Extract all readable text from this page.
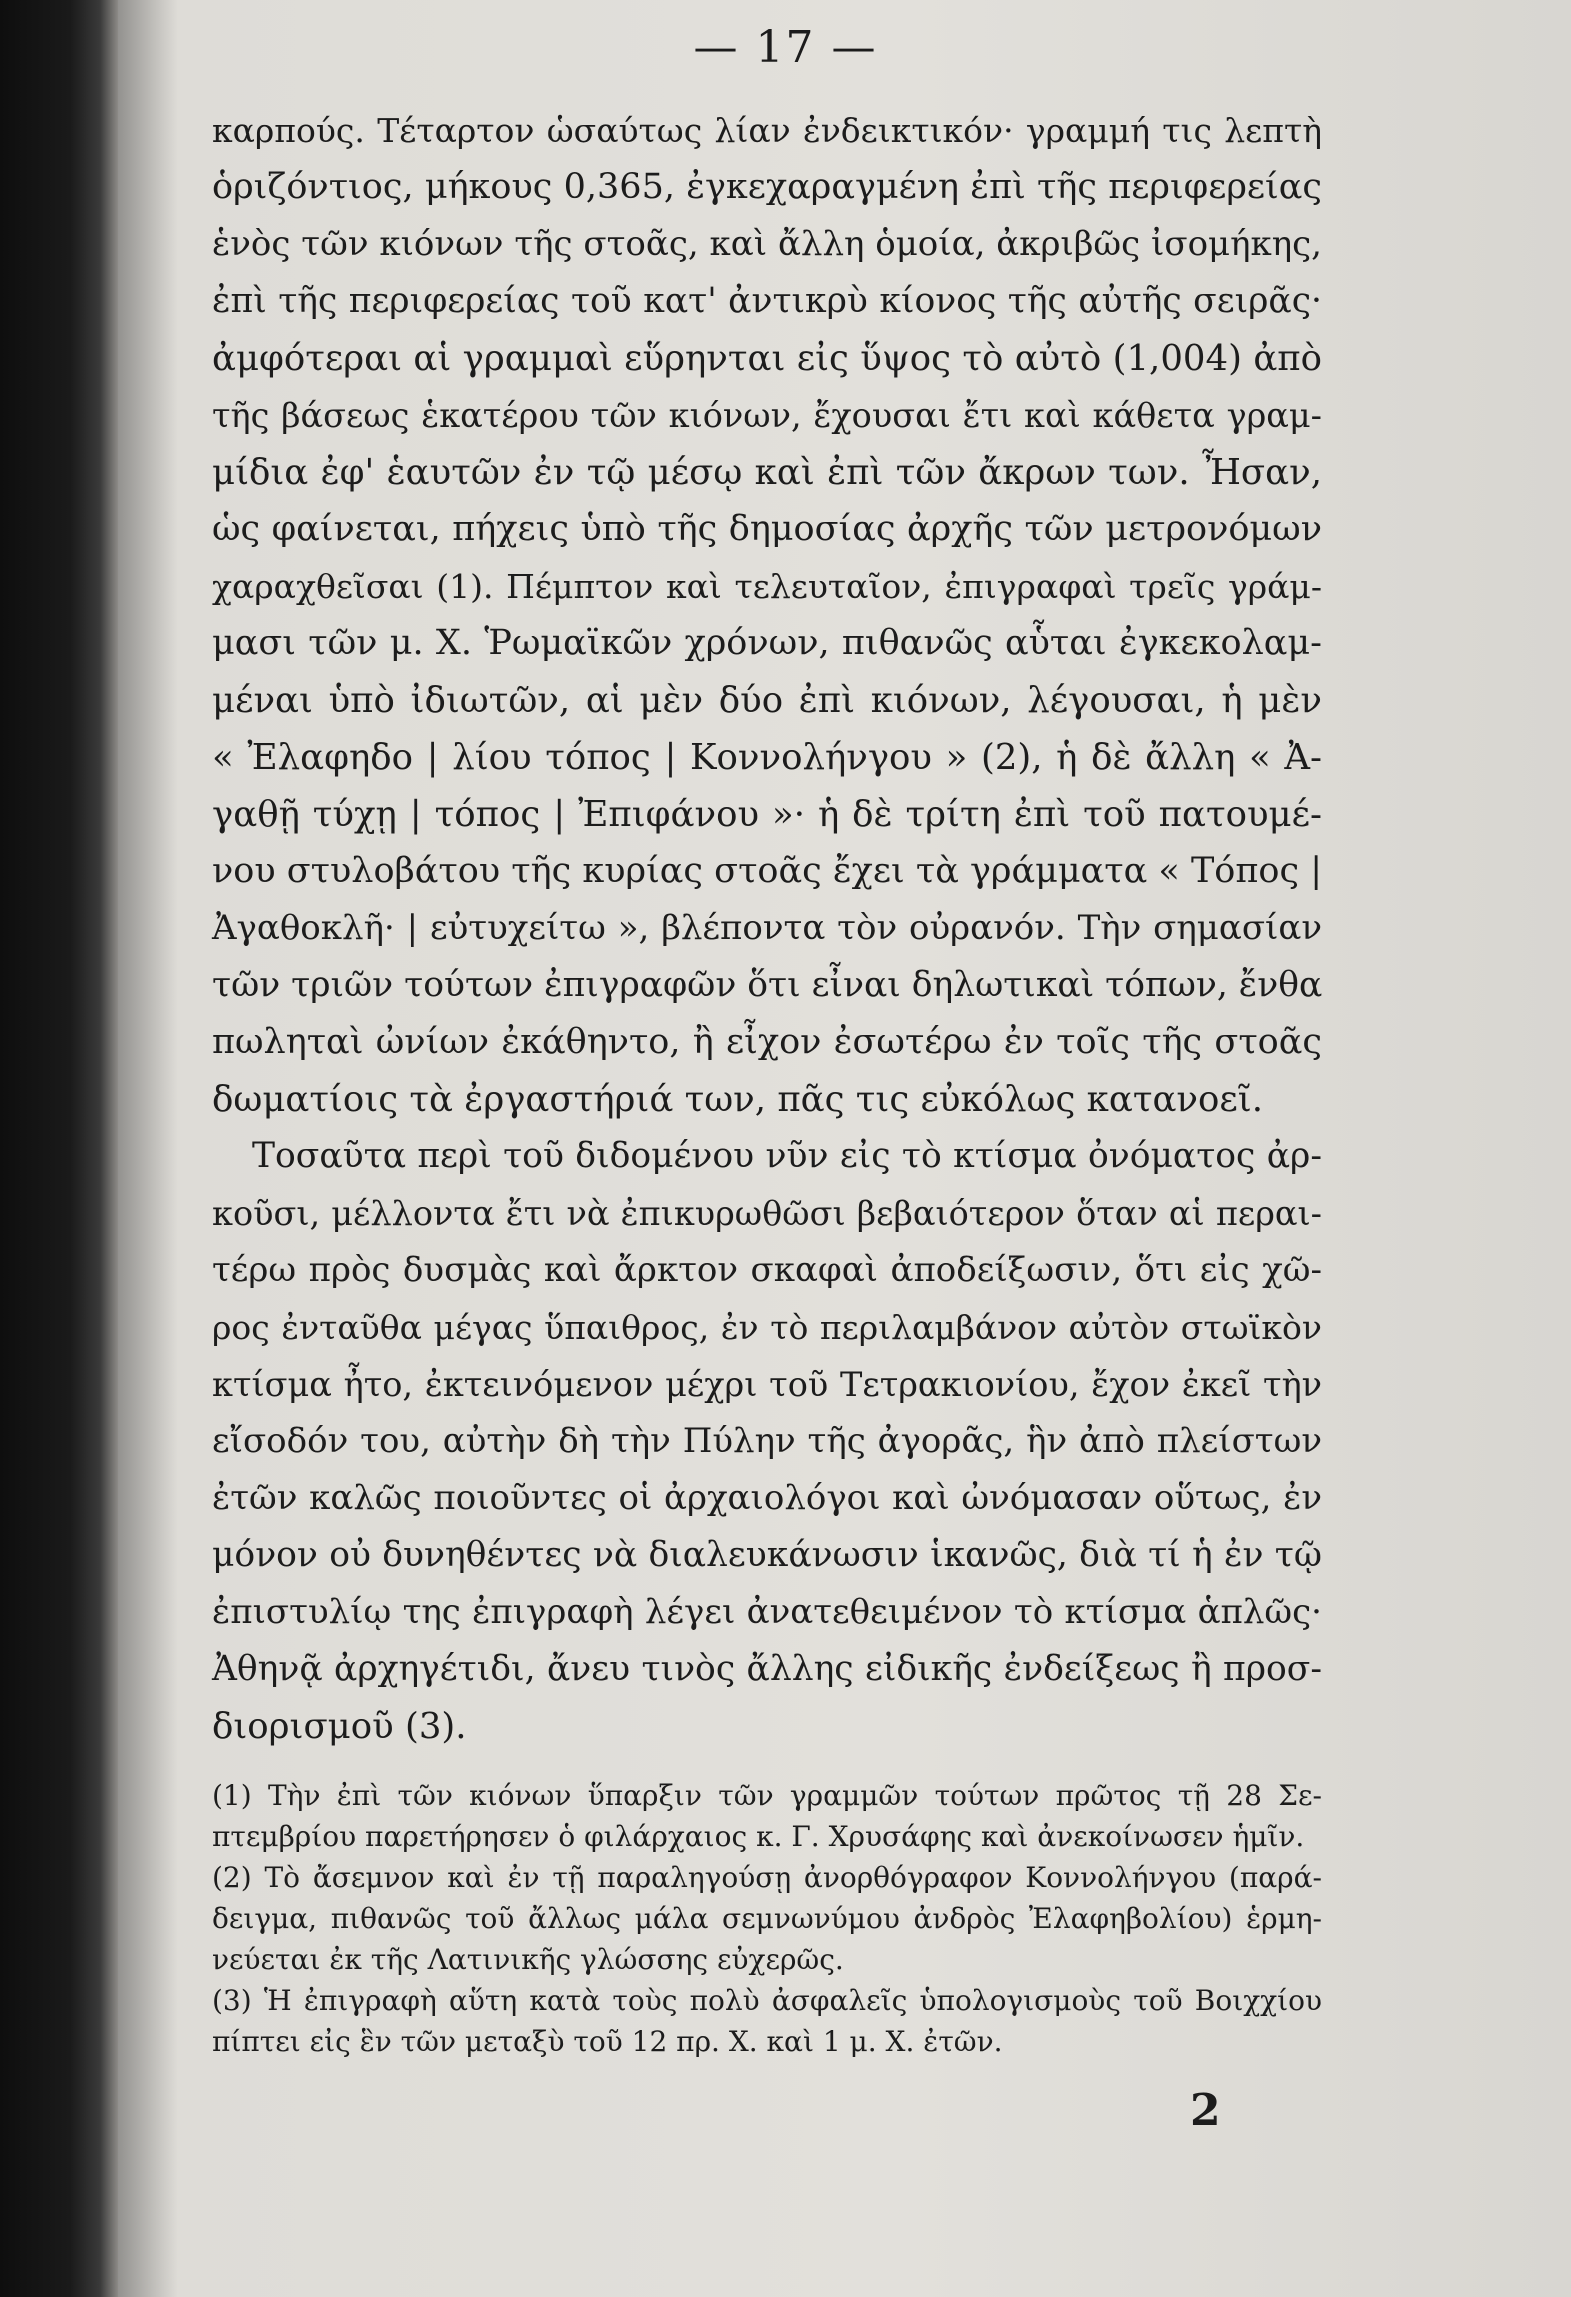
— 17 —
καρπούς. Τέταρτον ὡσαύτως λίαν ἐνδεικτικόν· γραμμή τις λεπτὴ
ὁριζόντιος, μήκους 0,365, ἐγκεχαραγμένη ἐπὶ τῆς περιφερείας
ἑνὸς τῶν κιόνων τῆς στοᾶς, καὶ ἄλλη ὁμοία, ἀκριβῶς ἰσομήκης,
ἐπὶ τῆς περιφερείας τοῦ κατ' ἀντικρὺ κίονος τῆς αὐτῆς σειρᾶς·
ἀμφότεραι αἱ γραμμαὶ εὕρηνται εἰς ὕψος τὸ αὐτὸ (1,004) ἀπὸ
τῆς βάσεως ἑκατέρου τῶν κιόνων, ἔχουσαι ἔτι καὶ κάθετα γραμ-
μίδια ἐφ' ἑαυτῶν ἐν τῷ μέσῳ καὶ ἐπὶ τῶν ἄκρων των. Ἦσαν,
ὡς φαίνεται, πήχεις ὑπὸ τῆς δημοσίας ἀρχῆς τῶν μετρονόμων
χαραχθεῖσαι (1). Πέμπτον καὶ τελευταῖον, ἐπιγραφαὶ τρεῖς γράμ-
μασι τῶν μ. Χ. Ῥωμαϊκῶν χρόνων, πιθανῶς αὗται ἐγκεκολαμ-
μέναι ὑπὸ ἰδιωτῶν, αἱ μὲν δύο ἐπὶ κιόνων, λέγουσαι, ἡ μὲν
« Ἐλαφηδο | λίου τόπος | Κοννολήνγου » (2), ἡ δὲ ἄλλη « Ἀ-
γαθῇ τύχῃ | τόπος | Ἐπιφάνου »· ἡ δὲ τρίτη ἐπὶ τοῦ πατουμέ-
νου στυλοβάτου τῆς κυρίας στοᾶς ἔχει τὰ γράμματα « Τόπος |
Ἀγαθοκλῆ· | εὐτυχείτω », βλέποντα τὸν οὐρανόν. Τὴν σημασίαν
τῶν τριῶν τούτων ἐπιγραφῶν ὅτι εἶναι δηλωτικαὶ τόπων, ἔνθα
πωληταὶ ὠνίων ἐκάθηντο, ἢ εἶχον ἐσωτέρω ἐν τοῖς τῆς στοᾶς
δωματίοις τὰ ἐργαστήριά των, πᾶς τις εὐκόλως κατανοεῖ.
Τοσαῦτα περὶ τοῦ διδομένου νῦν εἰς τὸ κτίσμα ὀνόματος ἀρ-
κοῦσι, μέλλοντα ἔτι νὰ ἐπικυρωθῶσι βεβαιότερον ὅταν αἱ περαι-
τέρω πρὸς δυσμὰς καὶ ἄρκτον σκαφαὶ ἀποδείξωσιν, ὅτι εἰς χῶ-
ρος ἐνταῦθα μέγας ὕπαιθρος, ἐν τὸ περιλαμβάνον αὐτὸν στωϊκὸν
κτίσμα ἦτο, ἐκτεινόμενον μέχρι τοῦ Τετρακιονίου, ἔχον ἐκεῖ τὴν
εἴσοδόν του, αὐτὴν δὴ τὴν Πύλην τῆς ἀγορᾶς, ἣν ἀπὸ πλείστων
ἐτῶν καλῶς ποιοῦντες οἱ ἀρχαιολόγοι καὶ ὠνόμασαν οὕτως, ἐν
μόνον οὐ δυνηθέντες νὰ διαλευκάνωσιν ἱκανῶς, διὰ τί ἡ ἐν τῷ
ἐπιστυλίῳ της ἐπιγραφὴ λέγει ἀνατεθειμένον τὸ κτίσμα ἁπλῶς·
Ἀθηνᾷ ἀρχηγέτιδι, ἄνευ τινὸς ἄλλης εἰδικῆς ἐνδείξεως ἢ προσ-
διορισμοῦ (3).
(1) Τὴν ἐπὶ τῶν κιόνων ὕπαρξιν τῶν γραμμῶν τούτων πρῶτος τῇ 28 Σε-
πτεμβρίου παρετήρησεν ὁ φιλάρχαιος κ. Γ. Χρυσάφης καὶ ἀνεκοίνωσεν ἡμῖν.
(2) Τὸ ἄσεμνον καὶ ἐν τῇ παραληγούσῃ ἀνορθόγραφον Κοννολήνγου (παρά-
δειγμα, πιθανῶς τοῦ ἄλλως μάλα σεμνωνύμου ἀνδρὸς Ἐλαφηβολίου) ἑρμη-
νεύεται ἐκ τῆς Λατινικῆς γλώσσης εὐχερῶς.
(3) Ἡ ἐπιγραφὴ αὕτη κατὰ τοὺς πολὺ ἀσφαλεῖς ὑπολογισμοὺς τοῦ Βοιχχίου
πίπτει εἰς ἓν τῶν μεταξὺ τοῦ 12 πρ. Χ. καὶ 1 μ. Χ. ἐτῶν.
2
